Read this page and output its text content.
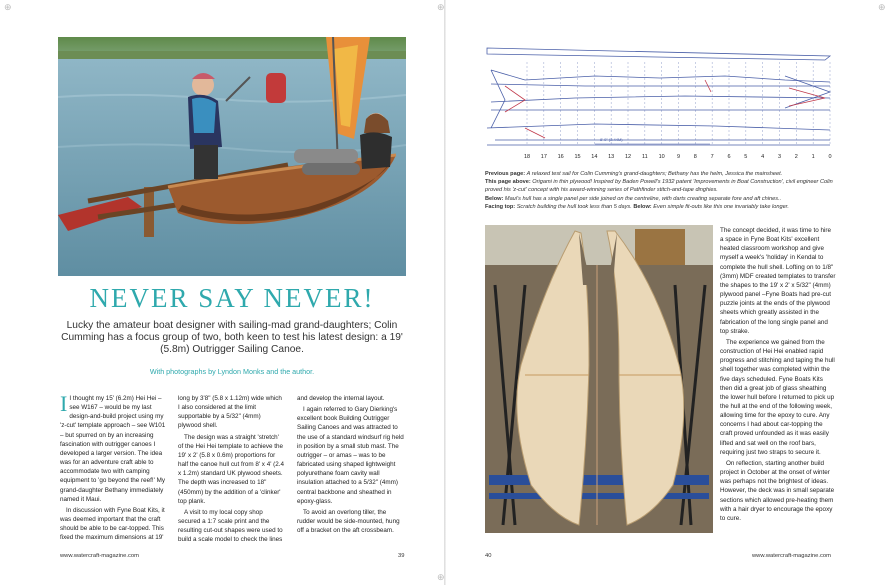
⊕	⊕	⊕
⊕
NEVER SAY NEVER!
Lucky the amateur boat designer with sailing-mad grand-daughters; Colin Cumming has a focus group of two, both keen to test his latest design: a 19' (5.8m) Outrigger Sailing Canoe.
With photographs by Lyndon Monks and the author.

I I thought my 15' (6.2m) Hei Hei – see W167 – would be my last design-and-build project using my 'z-cut' template approach – see W101 – but spurred on by an increasing fascination with outrigger canoes I developed a larger version. The idea was for an adventure craft able to accommodate two with camping equipment to 'go beyond the reef!' My grand-daughter Bethany immediately named it Maui.

In discussion with Fyne Boat Kits, it was deemed important that the craft should be able to be car-topped. This fixed the maximum dimensions at 19'

long by 3'8" (5.8 x 1.12m) wide which I also considered at the limit supportable by a 5/32" (4mm) plywood shell.

The design was a straight 'stretch' of the Hei Hei template to achieve the 19' x 2' (5.8 x 0.6m) proportions for half the canoe hull cut from 8' x 4' (2.4 x 1.2m) standard UK plywood sheets. The depth was increased to 18" (450mm) by the addition of a 'clinker' top plank.

A visit to my local copy shop secured a 1:7 scale print and the resulting cut-out shapes were used to build a scale model to check the lines

and develop the internal layout.

I again referred to Gary Dierking's excellent book Building Outrigger Sailing Canoes and was attracted to the use of a standard windsurf rig held in position by a small stub mast. The outrigger – or amas – was to be fabricated using shaped lightweight polyurethane foam cavity wall insulation attached to a 5/32" (4mm) central backbone and sheathed in epoxy-glass.

To avoid an overlong tiller, the rudder would be side-mounted, hung off a bracket on the aft crossbeam.

www.watercraft-magazine.com	39
18 17 16 15 14 13 12 11 10 9	8	7	6	5	4	3	2	1	0
8' 0" (2.44M)
Previous page: A relaxed test sail for Colin Cumming's grand-daughters; Bethany has the helm, Jessica the mainsheet.
This page above: Origami in thin plywood! Inspired by Baden Powell's 1932 patent 'Improvements in Boat Construction', civil engineer Colin proved his 'z-cut' concept with his award-winning series of Pathfinder stitch-and-tape dinghies.
Below: Maui's hull has a single panel per side joined on the centreline, with darts creating separate fore and aft chines..
Facing top: Scratch building the hull took less than 5 days. Below: Even simple fit-outs like this one invariably take longer.

The concept decided, it was time to hire a space in Fyne Boat Kits' excellent heated classroom workshop and give myself a week's 'holiday' in Kendal to complete the hull shell. Lofting on to 1/8" (3mm) MDF created templates to transfer the shapes to the 19' x 2' x 5/32" (4mm) plywood panel –Fyne Boats had pre-cut puzzle joints at the ends of the plywood sheets which greatly assisted in the fabrication of the long single panel and top strake.

The experience we gained from the construction of Hei Hei enabled rapid progress and stitching and taping the hull shell together was completed within the five days scheduled. Fyne Boats Kits then did a great job of glass sheathing the lower hull before I returned to pick up the hull at the end of the following week, allowing time for the epoxy to cure. Any concerns I had about car-topping the craft proved unfounded as it was easily lifted and sat well on the roof bars, requiring just two straps to secure it.

On reflection, starting another build project in October at the onset of winter was perhaps not the brightest of ideas. However, the deck was in small separate sections which allowed pre-heating them with a hair dryer to encourage the epoxy to cure.

40	www.watercraft-magazine.com
